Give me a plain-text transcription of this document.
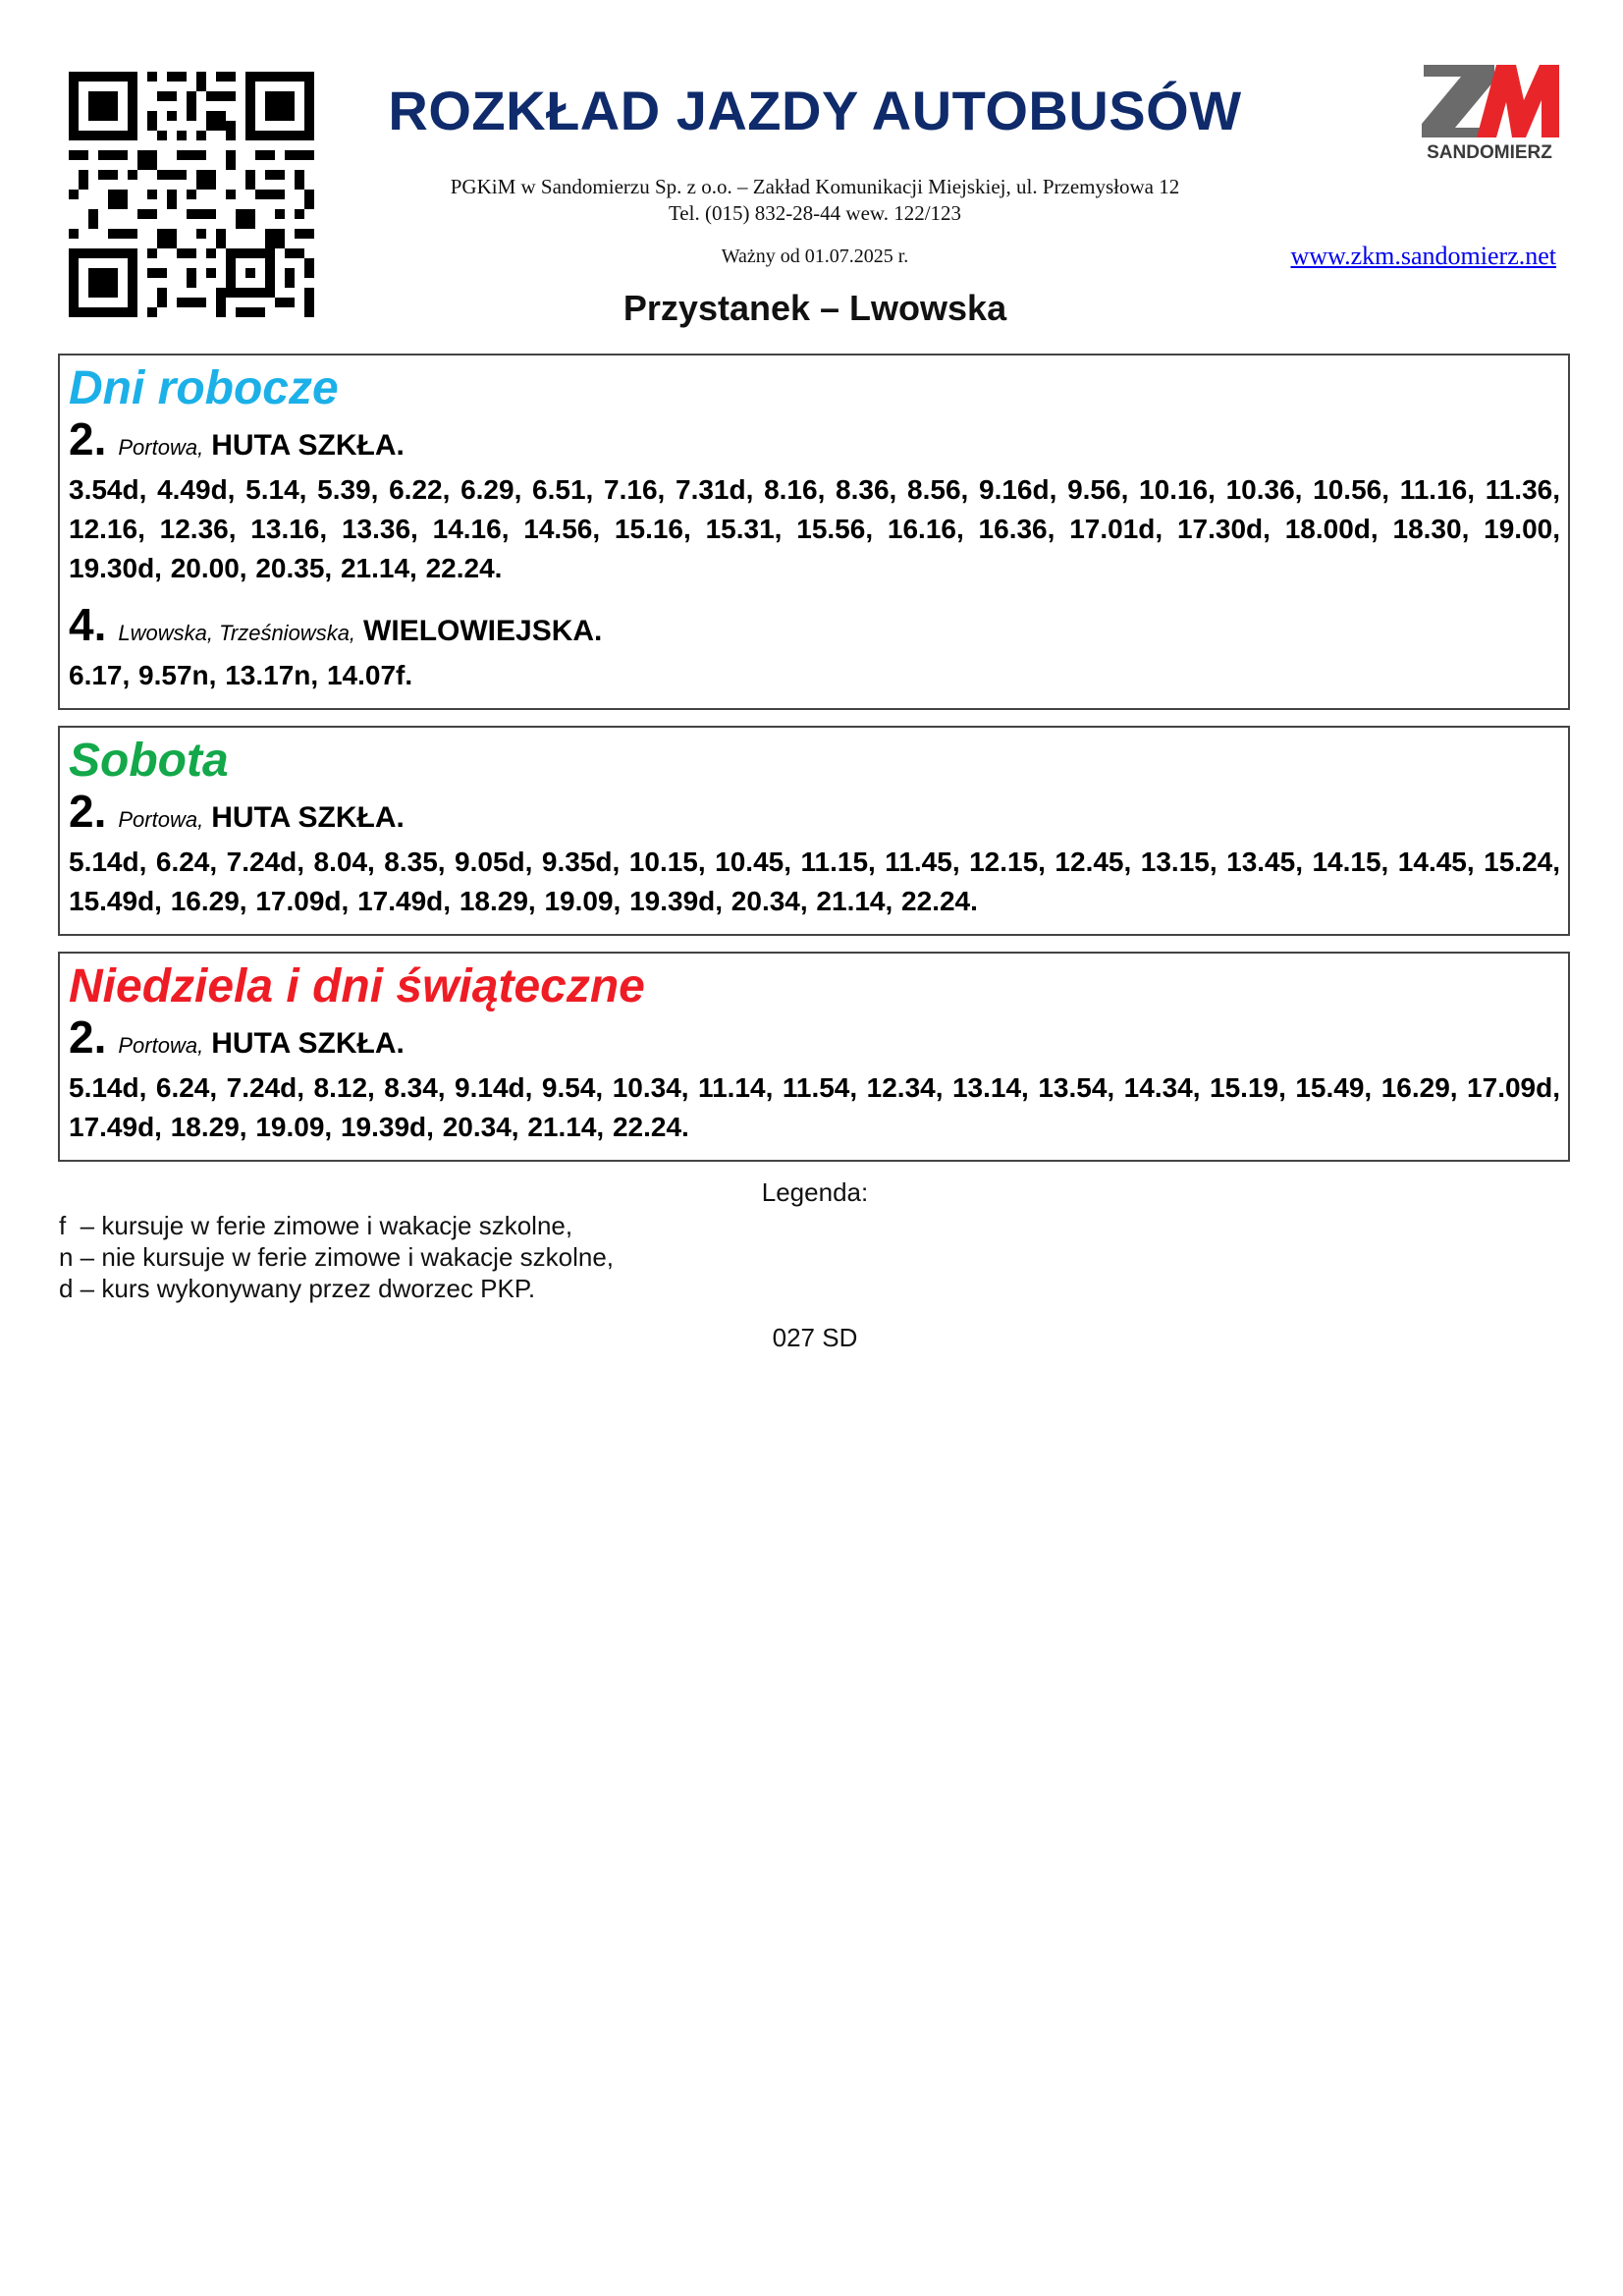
SANDOMIERZ
ROZKŁAD JAZDY AUTOBUSÓW
PGKiM w Sandomierzu Sp. z o.o. – Zakład Komunikacji Miejskiej, ul. Przemysłowa 12
Tel. (015) 832-28-44 wew. 122/123
Ważny od 01.07.2025 r.	www.zkm.sandomierz.net
Przystanek – Lwowska
Dni robocze
2. Portowa, HUTA SZKŁA.
3.54d, 4.49d, 5.14, 5.39, 6.22, 6.29, 6.51, 7.16, 7.31d, 8.16, 8.36, 8.56, 9.16d, 9.56, 10.16, 10.36, 10.56, 11.16, 11.36, 12.16, 12.36, 13.16, 13.36, 14.16, 14.56, 15.16, 15.31, 15.56, 16.16, 16.36, 17.01d, 17.30d, 18.00d, 18.30, 19.00, 19.30d, 20.00, 20.35, 21.14, 22.24.
4. Lwowska, Trześniowska, WIELOWIEJSKA.
6.17, 9.57n, 13.17n, 14.07f.
Sobota
2. Portowa, HUTA SZKŁA.
5.14d, 6.24, 7.24d, 8.04, 8.35, 9.05d, 9.35d, 10.15, 10.45, 11.15, 11.45, 12.15, 12.45, 13.15, 13.45, 14.15, 14.45, 15.24, 15.49d, 16.29, 17.09d, 17.49d, 18.29, 19.09, 19.39d, 20.34, 21.14, 22.24.
Niedziela i dni świąteczne
2. Portowa, HUTA SZKŁA.
5.14d, 6.24, 7.24d, 8.12, 8.34, 9.14d, 9.54, 10.34, 11.14, 11.54, 12.34, 13.14, 13.54, 14.34, 15.19, 15.49, 16.29, 17.09d, 17.49d, 18.29, 19.09, 19.39d, 20.34, 21.14, 22.24.
Legenda:
f  – kursuje w ferie zimowe i wakacje szkolne,
n – nie kursuje w ferie zimowe i wakacje szkolne,
d – kurs wykonywany przez dworzec PKP.
027 SD
